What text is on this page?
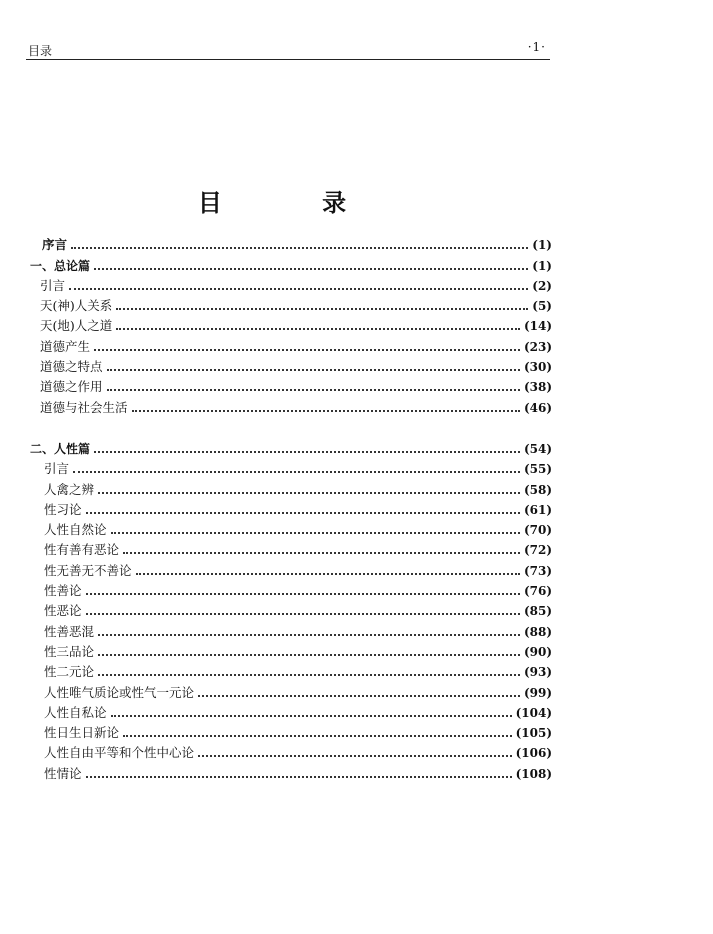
目录	·1·
目 录
序言	(1)
一、总论篇	(1)
引言	(2)
天(神)人关系	(5)
天(地)人之道	(14)
道德产生	(23)
道德之特点	(30)
道德之作用	(38)
道德与社会生活	(46)
二、人性篇	(54)
引言	(55)
人禽之辨	(58)
性习论	(61)
人性自然论	(70)
性有善有恶论	(72)
性无善无不善论	(73)
性善论	(76)
性恶论	(85)
性善恶混	(88)
性三品论	(90)
性二元论	(93)
人性唯气质论或性气一元论	(99)
人性自私论	(104)
性日生日新论	(105)
人性自由平等和个性中心论	(106)
性情论	(108)
